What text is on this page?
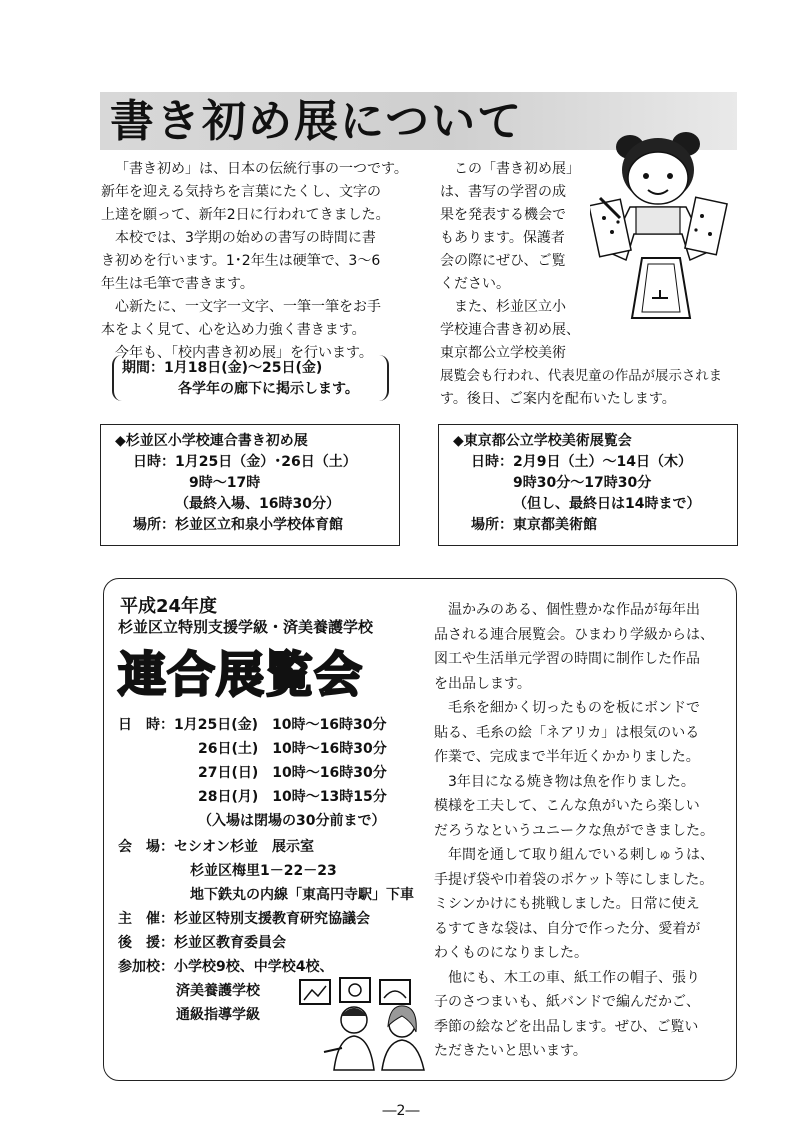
書き初め展について

「書き初め」は、日本の伝統行事の一つです。

新年を迎える気持ちを言葉にたくし、文字の

上達を願って、新年2日に行われてきました。

本校では、3学期の始めの書写の時間に書

き初めを行います。1･2年生は硬筆で、3～6

年生は毛筆で書きます。

心新たに、一文字一文字、一筆一筆をお手

本をよく見て、心を込め力強く書きます。

今年も、「校内書き初め展」を行います。

期間：1月18日(金)～25日(金)

各学年の廊下に掲示します。

この「書き初め展」

は、書写の学習の成

果を発表する機会で

もあります。保護者

会の際にぜひ、ご覧

ください。

また、杉並区立小

学校連合書き初め展、

東京都公立学校美術

展覧会も行われ、代表児童の作品が展示されま

す。後日、ご案内を配布いたします。

◆杉並区小学校連合書き初め展
日時：1月25日（金）･26日（土）
9時～17時
（最終入場、16時30分）
場所：杉並区立和泉小学校体育館
◆東京都公立学校美術展覧会
日時：2月9日（土）～14日（木）
9時30分～17時30分
（但し、最終日は14時まで）
場所：東京都美術館
平成24年度
杉並区立特別支援学級・済美養護学校
連合展覧会
日　時：1月25日(金)　10時～16時30分
26日(土)　10時～16時30分
27日(日)　10時～16時30分
28日(月)　10時～13時15分
（入場は閉場の30分前まで）
会　場：セシオン杉並　展示室
杉並区梅里1－22－23
地下鉄丸の内線「東高円寺駅」下車
主　催：杉並区特別支援教育研究協議会
後　援：杉並区教育委員会
参加校：小学校9校、中学校4校、
済美養護学校
通級指導学級

温かみのある、個性豊かな作品が毎年出

品される連合展覧会。ひまわり学級からは、

図工や生活単元学習の時間に制作した作品

を出品します。

毛糸を細かく切ったものを板にボンドで

貼る、毛糸の絵「ネアリカ」は根気のいる

作業で、完成まで半年近くかかりました。

3年目になる焼き物は魚を作りました。

模様を工夫して、こんな魚がいたら楽しい

だろうなというユニークな魚ができました。

年間を通して取り組んでいる刺しゅうは、

手提げ袋や巾着袋のポケット等にしました。

ミシンかけにも挑戦しました。日常に使え

るすてきな袋は、自分で作った分、愛着が

わくものになりました。

他にも、木工の車、紙工作の帽子、張り

子のさつまいも、紙バンドで編んだかご、

季節の絵などを出品します。ぜひ、ご覧い

ただきたいと思います。

―2―
